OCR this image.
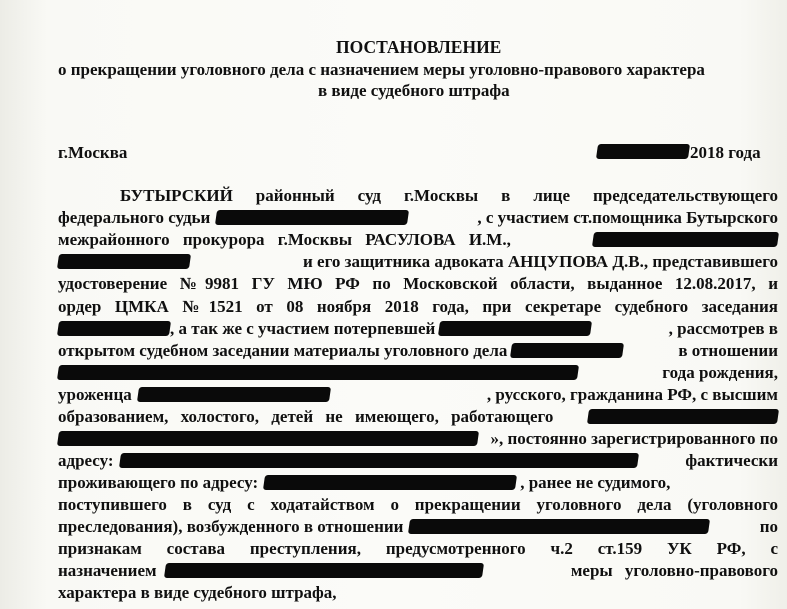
ПОСТАНОВЛЕНИЕ
о прекращении уголовного дела с назначением меры уголовно-правового характера
в виде судебного штрафа
г.Москва	2018 года
БУТЫРСКИЙ районный суд г.Москвы в лице председательствующего
федерального судьи	, с участием ст.помощника Бутырского
межрайонного прокурора г.Москвы РАСУЛОВА И.М.,
и его защитника адвоката АНЦУПОВА Д.В., представившего
удостоверение №9981 ГУ МЮ РФ по Московской области, выданное 12.08.2017, и
ордер ЦМКА №1521 от 08 ноября 2018 года, при секретаре судебного заседания
, а так же с участием потерпевшей	, рассмотрев в
открытом судебном заседании материалы уголовного дела	в отношении
года рождения,
уроженца	, русского, гражданина РФ, с высшим
образованием, холостого, детей не имеющего, работающего
», постоянно зарегистрированного по
адресу:	фактически
проживающего по адресу:	, ранее не судимого,
поступившего в суд с ходатайством о прекращении уголовного дела (уголовного
преследования), возбужденного в отношении	по
признакам состава преступления, предусмотренного ч.2 ст.159 УК РФ, с
назначением	меры уголовно-правового
характера в виде судебного штрафа,
